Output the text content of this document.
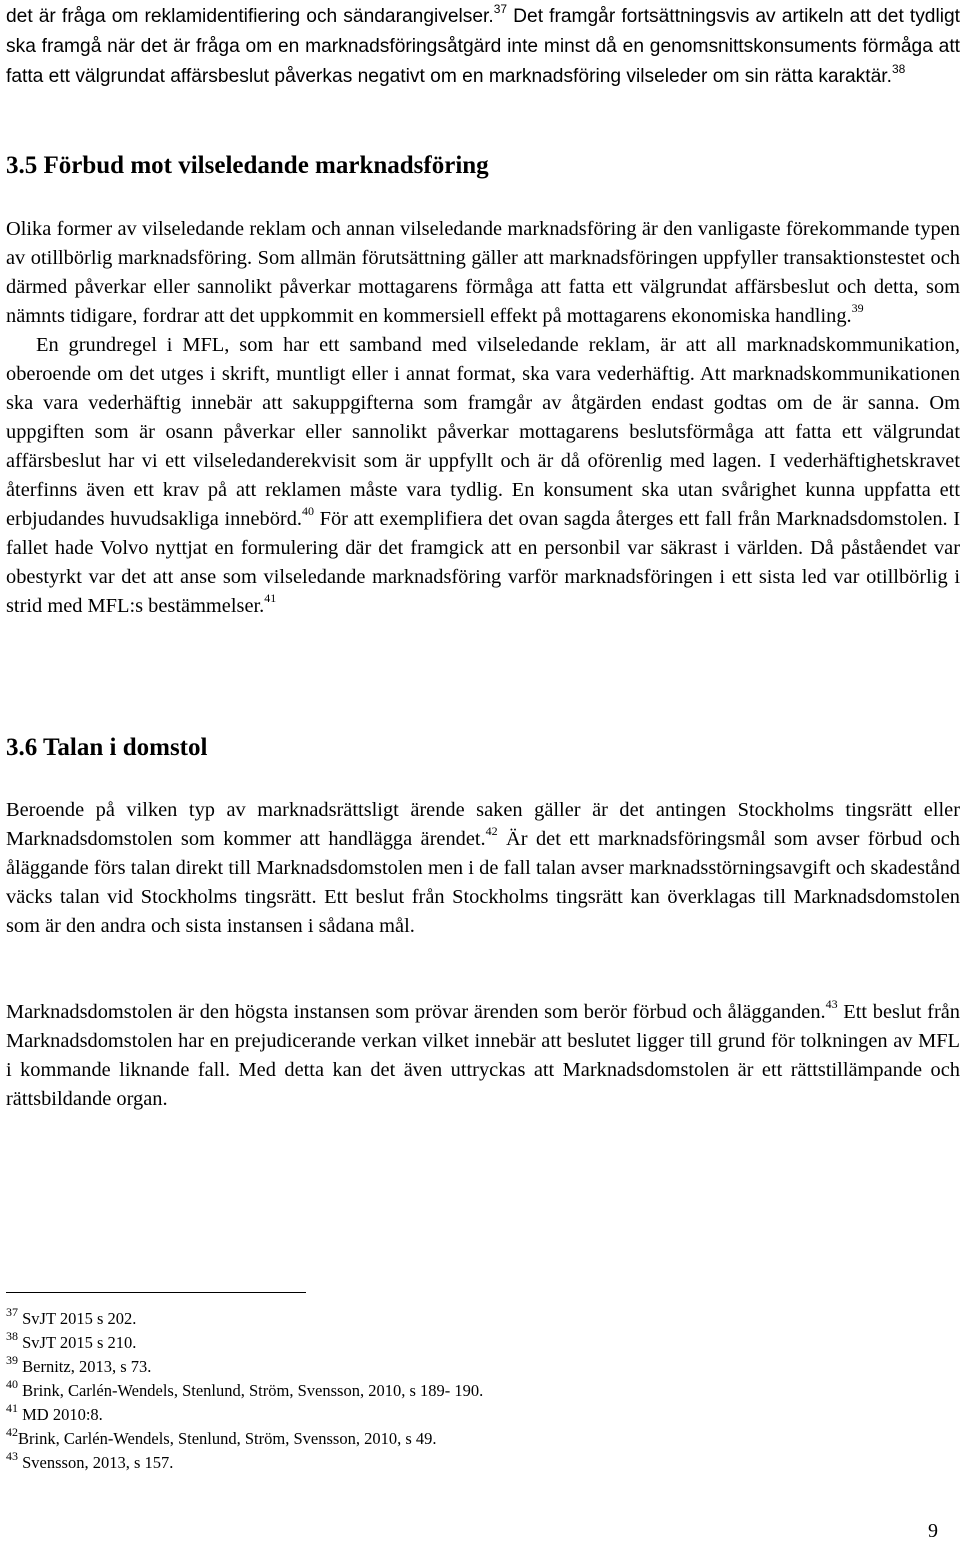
det är fråga om reklamidentifiering och sändarangivelser.$^{37}$ Det framgår fortsättningsvis av artikeln att det tydligt ska framgå när det är fråga om en marknadsföringsåtgärd inte minst då en genomsnittskonsuments förmåga att fatta ett välgrundat affärsbeslut påverkas negativt om en marknadsföring vilseleder om sin rätta karaktär.$^{38}$

3.5 Förbud mot vilseledande marknadsföring

Olika former av vilseledande reklam och annan vilseledande marknadsföring är den vanligaste förekommande typen av otillbörlig marknadsföring. Som allmän förutsättning gäller att marknadsföringen uppfyller transaktionstestet och därmed påverkar eller sannolikt påverkar mottagarens förmåga att fatta ett välgrundat affärsbeslut och detta, som nämnts tidigare, fordrar att det uppkommit en kommersiell effekt på mottagarens ekonomiska handling.$^{39}$

En grundregel i MFL, som har ett samband med vilseledande reklam, är att all marknadskommunikation, oberoende om det utges i skrift, muntligt eller i annat format, ska vara vederhäftig. Att marknadskommunikationen ska vara vederhäftig innebär att sakuppgifterna som framgår av åtgärden endast godtas om de är sanna. Om uppgiften som är osann påverkar eller sannolikt påverkar mottagarens beslutsförmåga att fatta ett välgrundat affärsbeslut har vi ett vilseledanderekvisit som är uppfyllt och är då oförenlig med lagen. I vederhäftighetskravet återfinns även ett krav på att reklamen måste vara tydlig. En konsument ska utan svårighet kunna uppfatta ett erbjudandes huvudsakliga innebörd.$^{40}$ För att exemplifiera det ovan sagda återges ett fall från Marknadsdomstolen. I fallet hade Volvo nyttjat en formulering där det framgick att en personbil var säkrast i världen. Då påståendet var obestyrkt var det att anse som vilseledande marknadsföring varför marknadsföringen i ett sista led var otillbörlig i strid med MFL:s bestämmelser.$^{41}$

3.6 Talan i domstol

Beroende på vilken typ av marknadsrättsligt ärende saken gäller är det antingen Stockholms tingsrätt eller Marknadsdomstolen som kommer att handlägga ärendet.$^{42}$ Är det ett marknadsföringsmål som avser förbud och åläggande förs talan direkt till Marknadsdomstolen men i de fall talan avser marknadsstörningsavgift och skadestånd väcks talan vid Stockholms tingsrätt. Ett beslut från Stockholms tingsrätt kan överklagas till Marknadsdomstolen som är den andra och sista instansen i sådana mål.

Marknadsdomstolen är den högsta instansen som prövar ärenden som berör förbud och ålägganden.$^{43}$ Ett beslut från Marknadsdomstolen har en prejudicerande verkan vilket innebär att beslutet ligger till grund för tolkningen av MFL i kommande liknande fall. Med detta kan det även uttryckas att Marknadsdomstolen är ett rättstillämpande och rättsbildande organ.

$^{37}$ SvJT 2015 s 202.
$^{38}$ SvJT 2015 s 210.
$^{39}$ Bernitz, 2013, s 73.
$^{40}$ Brink, Carlén-Wendels, Stenlund, Ström, Svensson, 2010, s 189- 190.
$^{41}$ MD 2010:8.
$^{42}$Brink, Carlén-Wendels, Stenlund, Ström, Svensson, 2010, s 49.
$^{43}$ Svensson, 2013, s 157.
9
